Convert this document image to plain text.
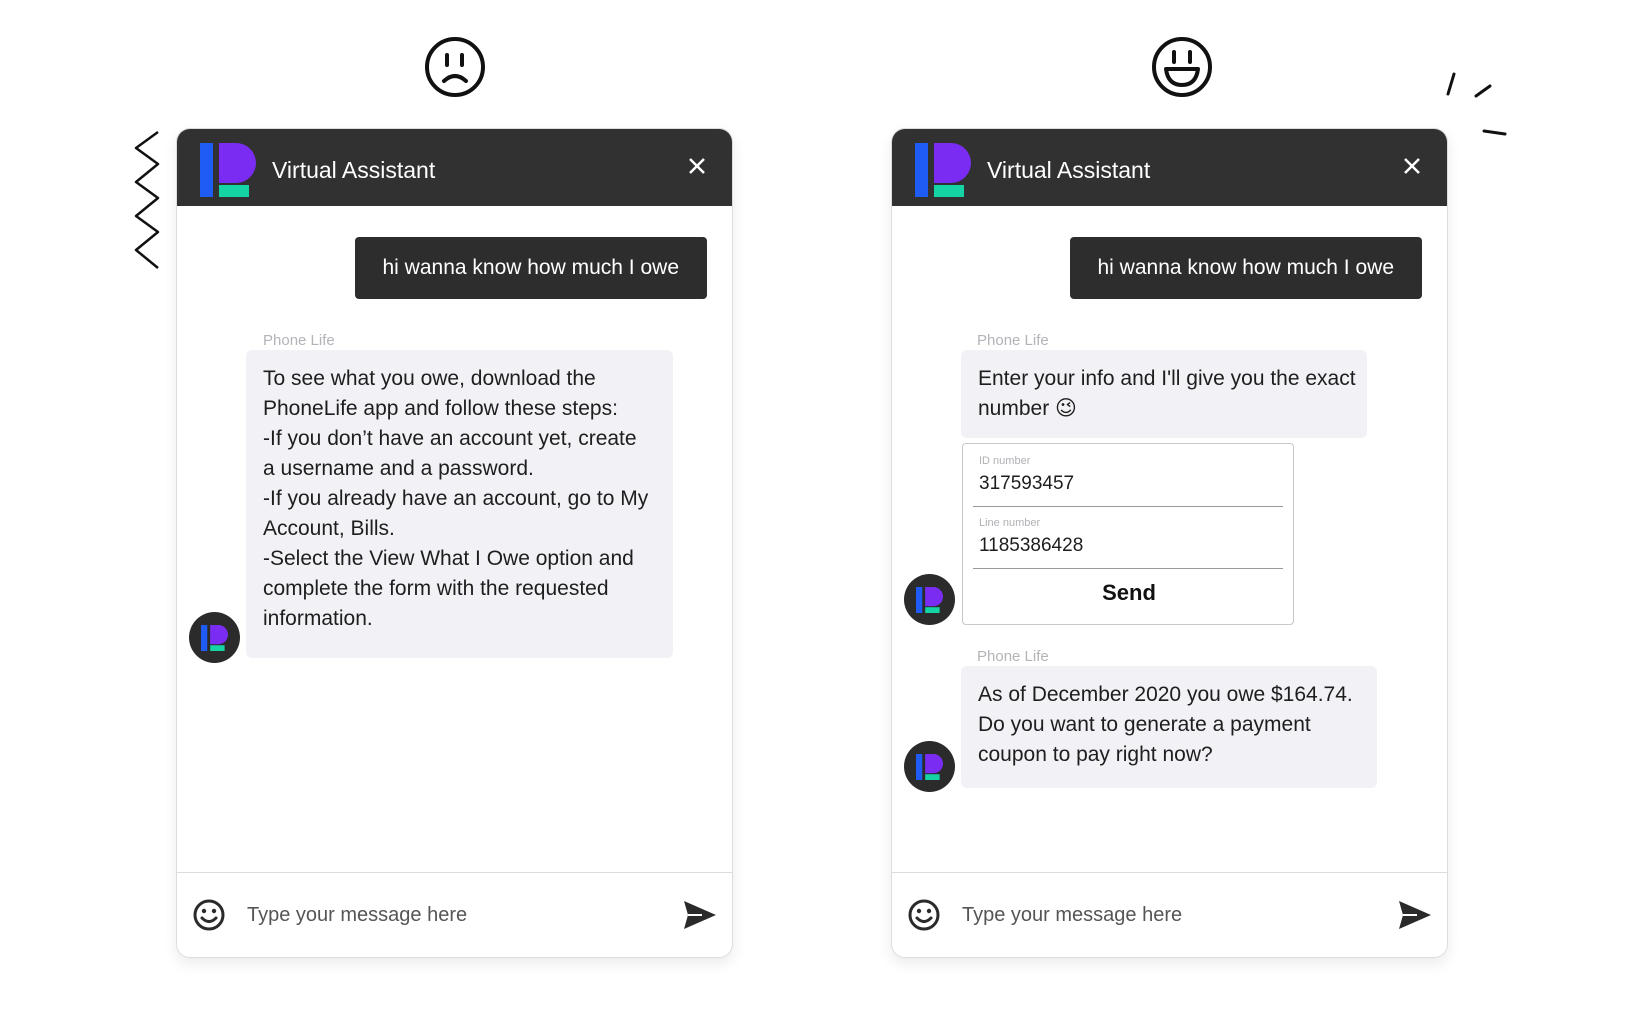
Virtual Assistant
hi wanna know how much I owe
Phone Life
To see what you owe, download the
PhoneLife app and follow these steps:
-If you don’t have an account yet, create
a username and a password.
-If you already have an account, go to My
Account, Bills.
-Select the View What I Owe option and
complete the form with the requested
information.
Type your message here
Virtual Assistant
hi wanna know how much I owe
Phone Life
Enter your info and I'll give you the exact
number 😉
ID number
317593457
Line number
1185386428
Send
Phone Life
As of December 2020 you owe $164.74.
Do you want to generate a payment
coupon to pay right now?
Type your message here
